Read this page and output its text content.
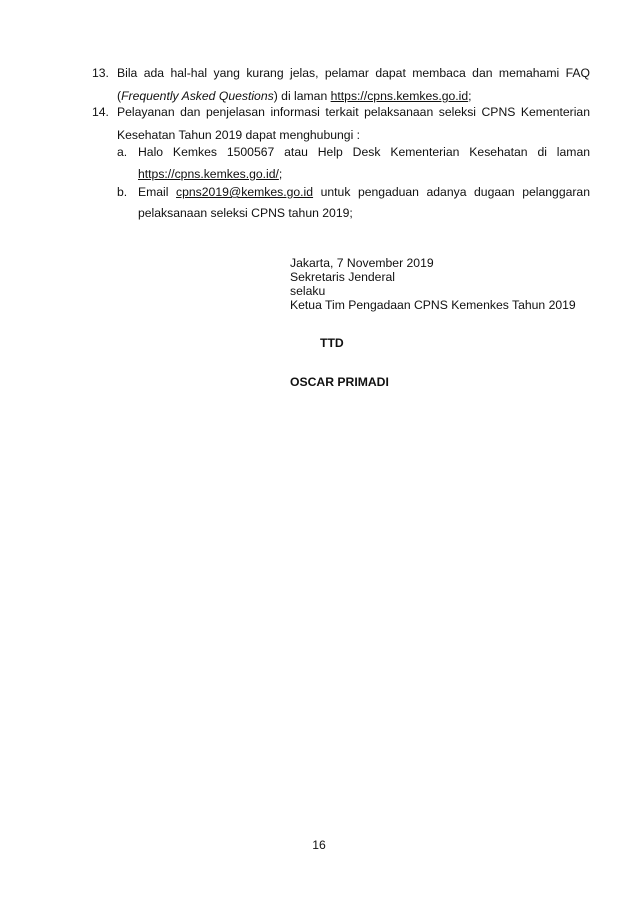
13. Bila ada hal-hal yang kurang jelas, pelamar dapat membaca dan memahami FAQ
(Frequently Asked Questions) di laman https://cpns.kemkes.go.id;
14. Pelayanan dan penjelasan informasi terkait pelaksanaan seleksi CPNS Kementerian
Kesehatan Tahun 2019 dapat menghubungi :
a. Halo Kemkes 1500567 atau Help Desk Kementerian Kesehatan di laman
https://cpns.kemkes.go.id/;
b. Email cpns2019@kemkes.go.id untuk pengaduan adanya dugaan pelanggaran
pelaksanaan seleksi CPNS tahun 2019;
Jakarta, 7 November 2019
Sekretaris Jenderal
selaku
Ketua Tim Pengadaan CPNS Kemenkes Tahun 2019
TTD
OSCAR PRIMADI
16
